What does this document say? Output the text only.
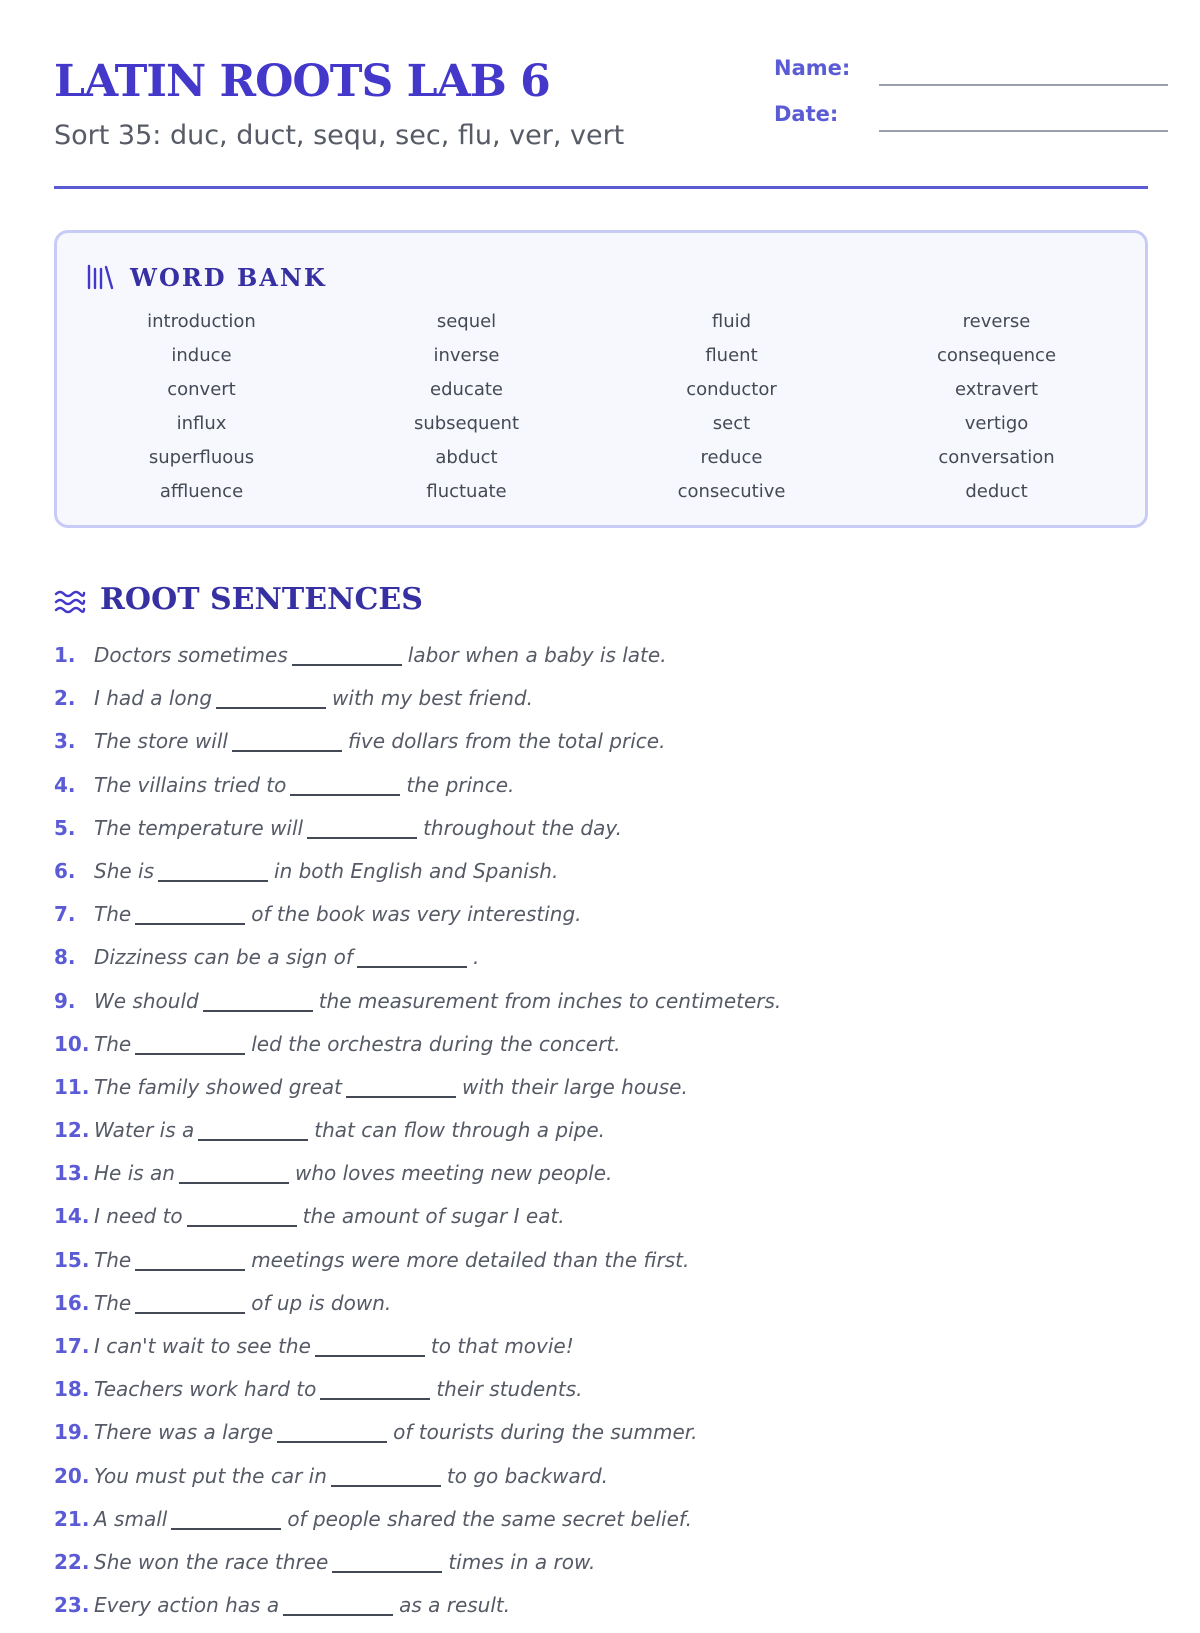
LATIN ROOTS LAB 6

Sort 35: duc, duct, sequ, sec, flu, ver, vert

Name:
Date:
WORD BANK
introduction	sequel	fluid	reverse
induce	inverse	fluent	consequence
convert	educate	conductor	extravert
influx	subsequent	sect	vertigo
superfluous	abduct	reduce	conversation
affluence	fluctuate	consecutive	deduct
ROOT SENTENCES
1. Doctors sometimes	labor when a baby is late.
2. I had a long	with my best friend.
3. The store will	five dollars from the total price.
4. The villains tried to	the prince.
5. The temperature will	throughout the day.
6. She is	in both English and Spanish.
7. The	of the book was very interesting.
8. Dizziness can be a sign of	.
9. We should	the measurement from inches to centimeters.
10. The	led the orchestra during the concert.
11. The family showed great	with their large house.
12. Water is a	that can flow through a pipe.
13. He is an	who loves meeting new people.
14. I need to	the amount of sugar I eat.
15. The	meetings were more detailed than the first.
16. The	of up is down.
17. I can't wait to see the	to that movie!
18. Teachers work hard to	their students.
19. There was a large	of tourists during the summer.
20. You must put the car in	to go backward.
21. A small	of people shared the same secret belief.
22. She won the race three	times in a row.
23. Every action has a	as a result.
